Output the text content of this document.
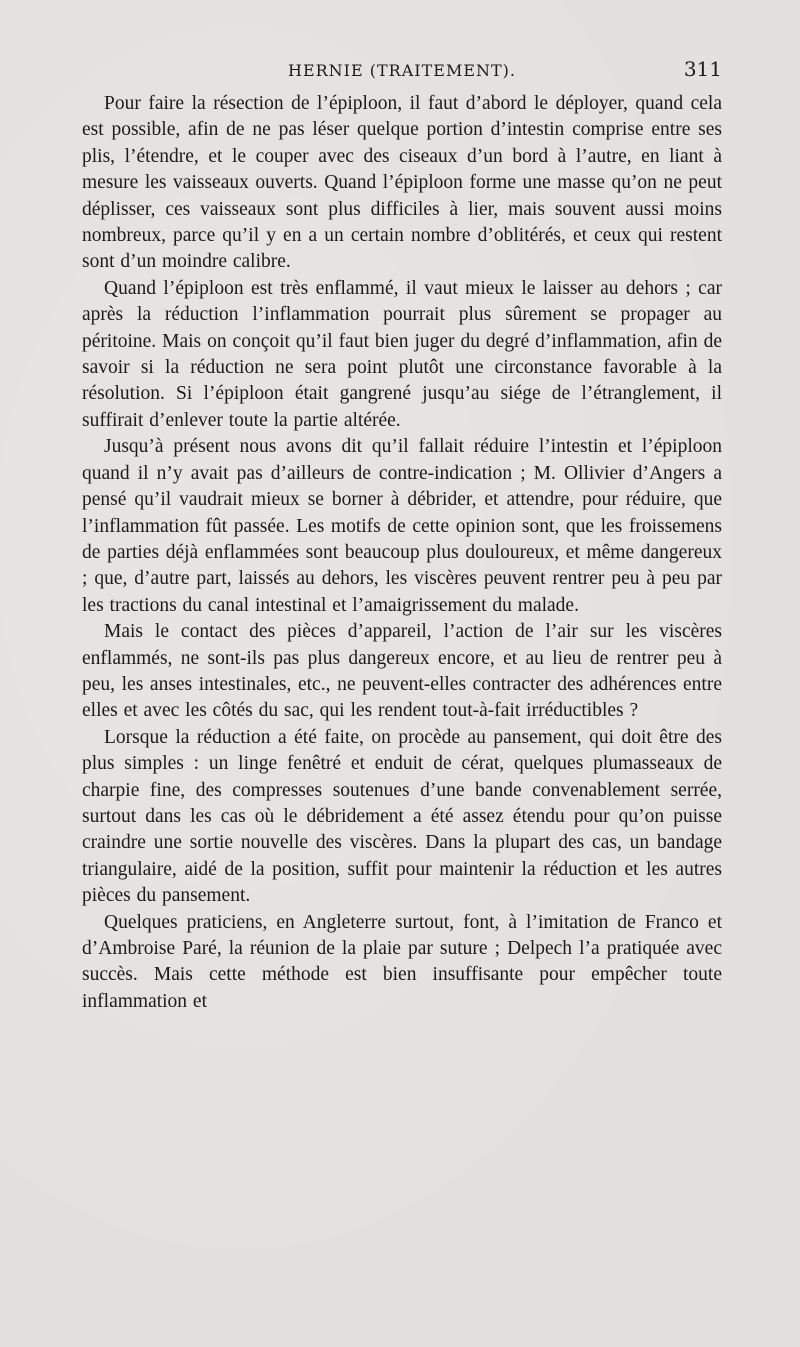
HERNIE (TRAITEMENT).	311

Pour faire la résection de l’épiploon, il faut d’abord le déployer, quand cela est possible, afin de ne pas léser quelque portion d’intestin comprise entre ses plis, l’étendre, et le couper avec des ciseaux d’un bord à l’autre, en liant à mesure les vaisseaux ouverts. Quand l’épiploon forme une masse qu’on ne peut déplisser, ces vaisseaux sont plus difficiles à lier, mais souvent aussi moins nombreux, parce qu’il y en a un certain nombre d’oblitérés, et ceux qui restent sont d’un moindre calibre.

Quand l’épiploon est très enflammé, il vaut mieux le laisser au dehors ; car après la réduction l’inflammation pourrait plus sûrement se propager au péritoine. Mais on conçoit qu’il faut bien juger du degré d’inflammation, afin de savoir si la réduction ne sera point plutôt une circonstance favorable à la résolution. Si l’épiploon était gangrené jusqu’au siége de l’étranglement, il suffirait d’enlever toute la partie altérée.

Jusqu’à présent nous avons dit qu’il fallait réduire l’intestin et l’épiploon quand il n’y avait pas d’ailleurs de contre-indication ; M. Ollivier d’Angers a pensé qu’il vaudrait mieux se borner à débrider, et attendre, pour réduire, que l’inflammation fût passée. Les motifs de cette opinion sont, que les froissemens de parties déjà enflammées sont beaucoup plus douloureux, et même dangereux ; que, d’autre part, laissés au dehors, les viscères peuvent rentrer peu à peu par les tractions du canal intestinal et l’amaigrissement du malade.

Mais le contact des pièces d’appareil, l’action de l’air sur les viscères enflammés, ne sont-ils pas plus dangereux encore, et au lieu de rentrer peu à peu, les anses intestinales, etc., ne peuvent-elles contracter des adhérences entre elles et avec les côtés du sac, qui les rendent tout-à-fait irréductibles ?

Lorsque la réduction a été faite, on procède au pansement, qui doit être des plus simples : un linge fenêtré et enduit de cérat, quelques plumasseaux de charpie fine, des compresses soutenues d’une bande convenablement serrée, surtout dans les cas où le débridement a été assez étendu pour qu’on puisse craindre une sortie nouvelle des viscères. Dans la plupart des cas, un bandage triangulaire, aidé de la position, suffit pour maintenir la réduction et les autres pièces du pansement.

Quelques praticiens, en Angleterre surtout, font, à l’imitation de Franco et d’Ambroise Paré, la réunion de la plaie par suture ; Delpech l’a pratiquée avec succès. Mais cette méthode est bien insuffisante pour empêcher toute inflammation et
